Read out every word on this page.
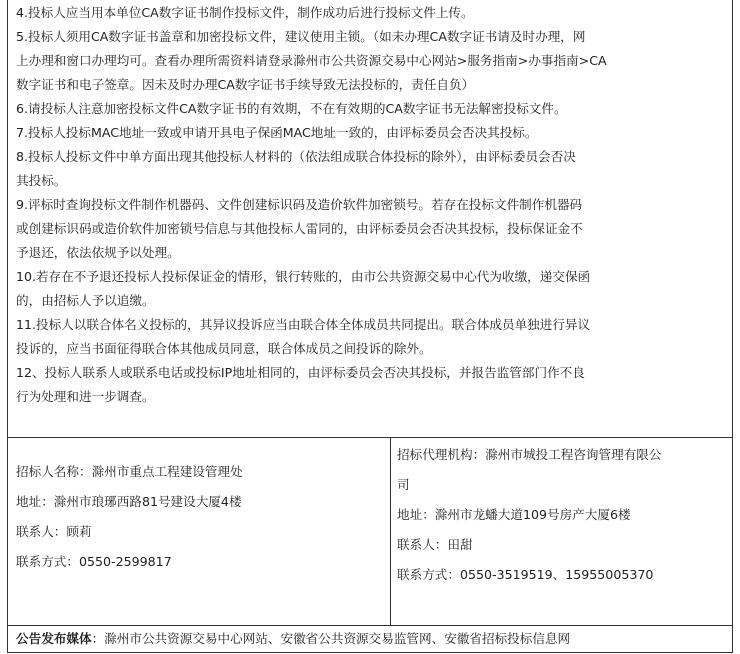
4.投标人应当用本单位CA数字证书制作投标文件，制作成功后进行投标文件上传。
5.投标人须用CA数字证书盖章和加密投标文件，建议使用主锁。（如未办理CA数字证书请及时办理，网
上办理和窗口办理均可。查看办理所需资料请登录滁州市公共资源交易中心网站>服务指南>办事指南>CA
数字证书和电子签章。因未及时办理CA数字证书手续导致无法投标的，责任自负）
6.请投标人注意加密投标文件CA数字证书的有效期，不在有效期的CA数字证书无法解密投标文件。
7.投标人投标MAC地址一致或申请开具电子保函MAC地址一致的，由评标委员会否决其投标。
8.投标人投标文件中单方面出现其他投标人材料的（依法组成联合体投标的除外），由评标委员会否决
其投标。
9.评标时查询投标文件制作机器码、文件创建标识码及造价软件加密锁号。若存在投标文件制作机器码
或创建标识码或造价软件加密锁号信息与其他投标人雷同的，由评标委员会否决其投标，投标保证金不
予退还，依法依规予以处理。
10.若存在不予退还投标人投标保证金的情形，银行转账的，由市公共资源交易中心代为收缴，递交保函
的，由招标人予以追缴。
11.投标人以联合体名义投标的，其异议投诉应当由联合体全体成员共同提出。联合体成员单独进行异议
投诉的，应当书面征得联合体其他成员同意，联合体成员之间投诉的除外。
12、投标人联系人或联系电话或投标IP地址相同的，由评标委员会否决其投标，并报告监管部门作不良
行为处理和进一步调查。
招标人名称：滁州市重点工程建设管理处
地址：滁州市琅琊西路81号建设大厦4楼
联系人：顾莉
联系方式：0550-2599817
招标代理机构：滁州市城投工程咨询管理有限公
司
地址：滁州市龙蟠大道109号房产大厦6楼
联系人：田甜
联系方式：0550-3519519、15955005370
公告发布媒体：滁州市公共资源交易中心网站、安徽省公共资源交易监管网、安徽省招标投标信息网
